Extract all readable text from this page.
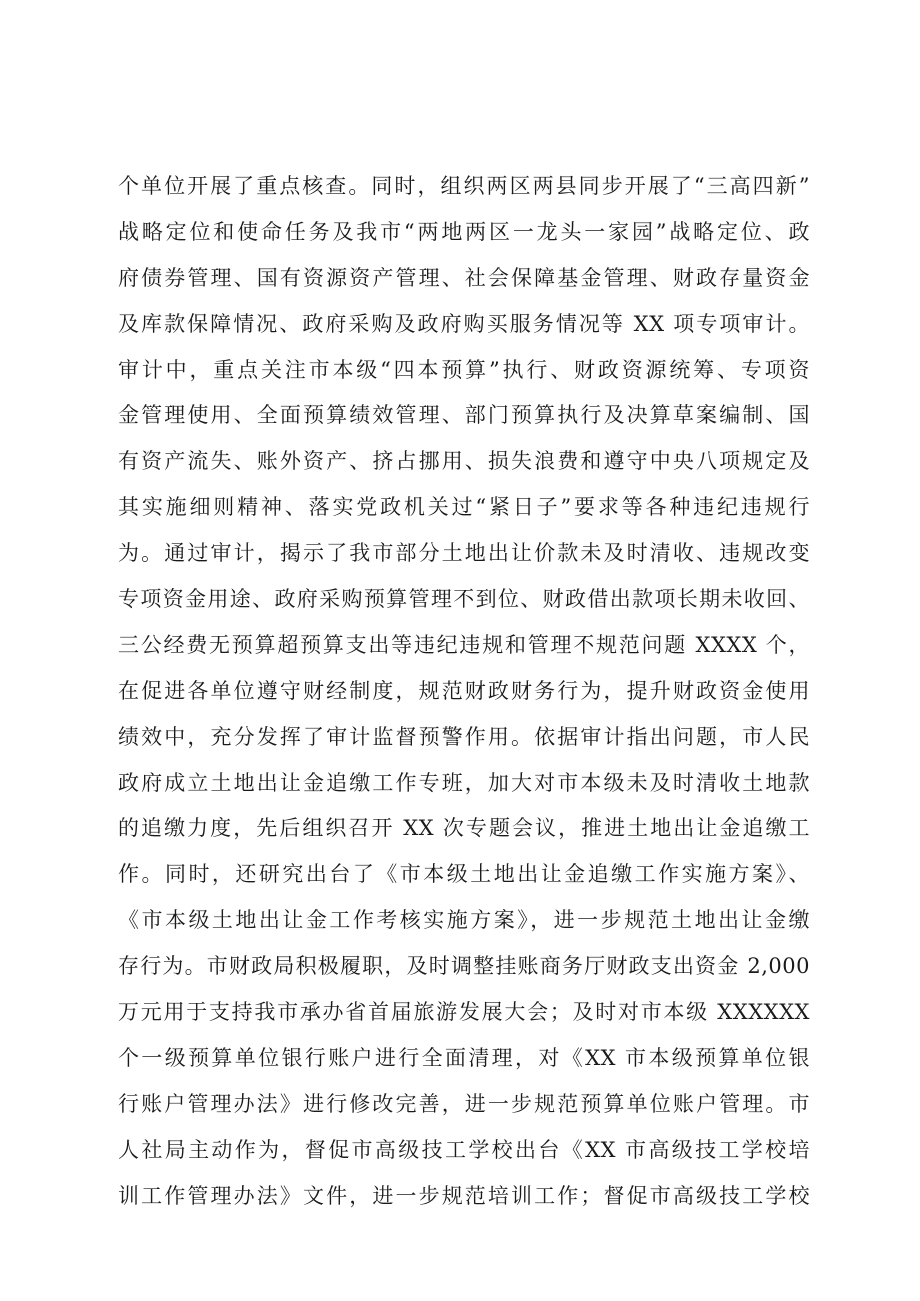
个单位开展了重点核查。同时，组织两区两县同步开展了“三高四新”
战略定位和使命任务及我市“两地两区一龙头一家园”战略定位、政
府债券管理、国有资源资产管理、社会保障基金管理、财政存量资金
及库款保障情况、政府采购及政府购买服务情况等 XX 项专项审计。
审计中，重点关注市本级“四本预算”执行、财政资源统筹、专项资
金管理使用、全面预算绩效管理、部门预算执行及决算草案编制、国
有资产流失、账外资产、挤占挪用、损失浪费和遵守中央八项规定及
其实施细则精神、落实党政机关过“紧日子”要求等各种违纪违规行
为。通过审计，揭示了我市部分土地出让价款未及时清收、违规改变
专项资金用途、政府采购预算管理不到位、财政借出款项长期未收回、
三公经费无预算超预算支出等违纪违规和管理不规范问题 XXXX 个，
在促进各单位遵守财经制度，规范财政财务行为，提升财政资金使用
绩效中，充分发挥了审计监督预警作用。依据审计指出问题，市人民
政府成立土地出让金追缴工作专班，加大对市本级未及时清收土地款
的追缴力度，先后组织召开 XX 次专题会议，推进土地出让金追缴工
作。同时，还研究出台了《市本级土地出让金追缴工作实施方案》、
《市本级土地出让金工作考核实施方案》，进一步规范土地出让金缴
存行为。市财政局积极履职，及时调整挂账商务厅财政支出资金 2,000
万元用于支持我市承办省首届旅游发展大会；及时对市本级 XXXXXX
个一级预算单位银行账户进行全面清理，对《XX 市本级预算单位银
行账户管理办法》进行修改完善，进一步规范预算单位账户管理。市
人社局主动作为，督促市高级技工学校出台《XX 市高级技工学校培
训工作管理办法》文件，进一步规范培训工作；督促市高级技工学校
